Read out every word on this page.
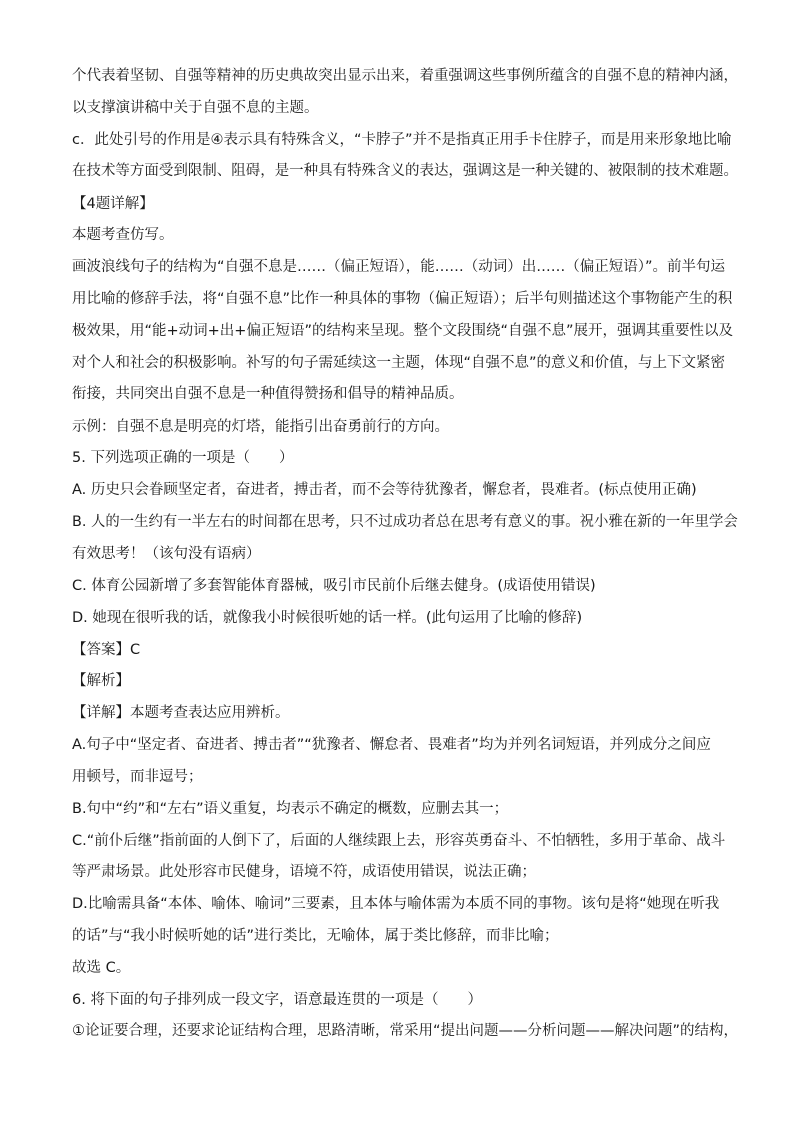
个代表着坚韧、自强等精神的历史典故突出显示出来，着重强调这些事例所蕴含的自强不息的精神内涵，
以支撑演讲稿中关于自强不息的主题。
c．此处引号的作用是④表示具有特殊含义，“卡脖子”并不是指真正用手卡住脖子，而是用来形象地比喻
在技术等方面受到限制、阻碍，是一种具有特殊含义的表达，强调这是一种关键的、被限制的技术难题。
【4题详解】
本题考查仿写。
画波浪线句子的结构为“自强不息是……（偏正短语），能……（动词）出……（偏正短语）”。前半句运
用比喻的修辞手法，将“自强不息”比作一种具体的事物（偏正短语）；后半句则描述这个事物能产生的积
极效果，用“能+动词+出+偏正短语”的结构来呈现。整个文段围绕“自强不息”展开，强调其重要性以及
对个人和社会的积极影响。补写的句子需延续这一主题，体现“自强不息”的意义和价值，与上下文紧密
衔接，共同突出自强不息是一种值得赞扬和倡导的精神品质。
示例：自强不息是明亮的灯塔，能指引出奋勇前行的方向。
5. 下列选项正确的一项是（　　）
A. 历史只会眷顾坚定者，奋进者，搏击者，而不会等待犹豫者，懈怠者，畏难者。(标点使用正确)
B. 人的一生约有一半左右的时间都在思考，只不过成功者总在思考有意义的事。祝小雅在新的一年里学会
有效思考！（该句没有语病）
C. 体育公园新增了多套智能体育器械，吸引市民前仆后继去健身。(成语使用错误)
D. 她现在很听我的话，就像我小时候很听她的话一样。(此句运用了比喻的修辞)
【答案】C
【解析】
【详解】本题考查表达应用辨析。
A.句子中“坚定者、奋进者、搏击者”“犹豫者、懈怠者、畏难者”均为并列名词短语，并列成分之间应
用顿号，而非逗号；
B.句中“约”和“左右”语义重复，均表示不确定的概数，应删去其一；
C.“前仆后继”指前面的人倒下了，后面的人继续跟上去，形容英勇奋斗、不怕牺牲，多用于革命、战斗
等严肃场景。此处形容市民健身，语境不符，成语使用错误，说法正确；
D.比喻需具备“本体、喻体、喻词”三要素，且本体与喻体需为本质不同的事物。该句是将“她现在听我
的话”与“我小时候听她的话”进行类比，无喻体，属于类比修辞，而非比喻；
故选 C。
6. 将下面的句子排列成一段文字，语意最连贯的一项是（　　）
①论证要合理，还要求论证结构合理，思路清晰，常采用“提出问题——分析问题——解决问题”的结构，
